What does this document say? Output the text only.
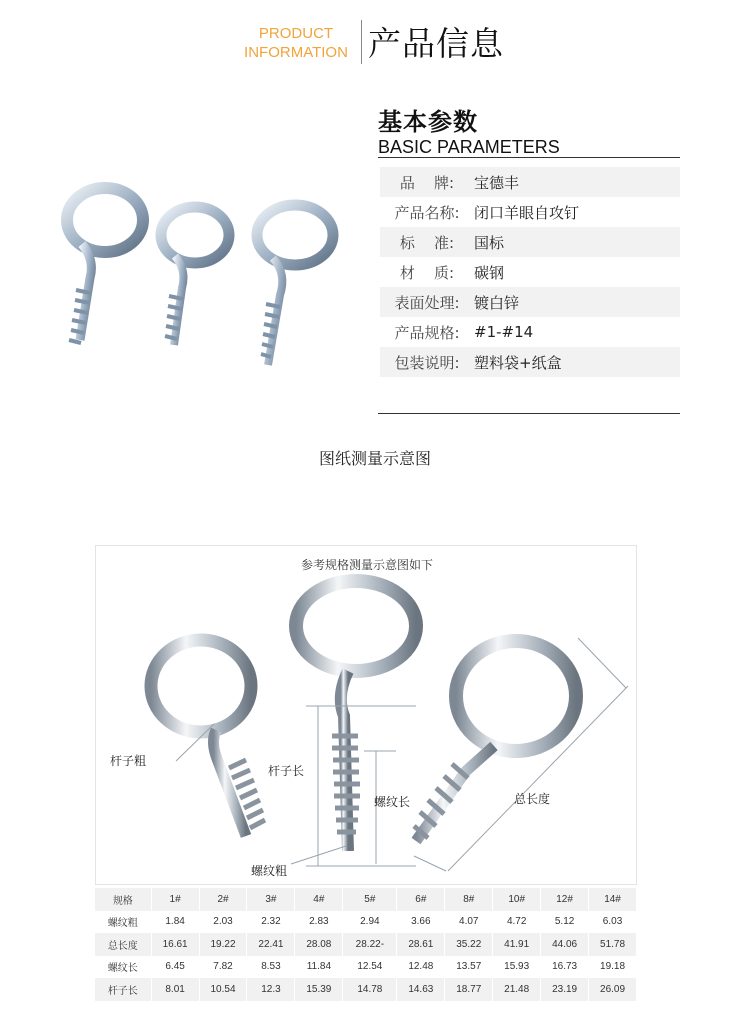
PRODUCT
INFORMATION 产品信息
基本参数
BASIC PARAMETERS
品    牌:	宝德丰
产品名称: 闭口羊眼自攻钉
标    准:	国标
材    质:	碳钢
表面处理: 镀白锌
产品规格: #1-#14
包装说明: 塑料袋+纸盒
图纸测量示意图
参考规格测量示意图如下
杆子粗
杆子长
螺纹长
螺纹粗
总长度
规格	1#	2#	3#	4#	5#	6#	8#	10#	12#	14#
螺纹粗	1.84	2.03	2.32	2.83	2.94	3.66	4.07	4.72	5.12	6.03
总长度	16.61	19.22	22.41	28.08	28.22-	28.61	35.22	41.91	44.06	51.78
螺纹长	6.45	7.82	8.53	11.84	12.54	12.48	13.57	15.93	16.73	19.18
杆子长	8.01	10.54	12.3	15.39	14.78	14.63	18.77	21.48	23.19	26.09
